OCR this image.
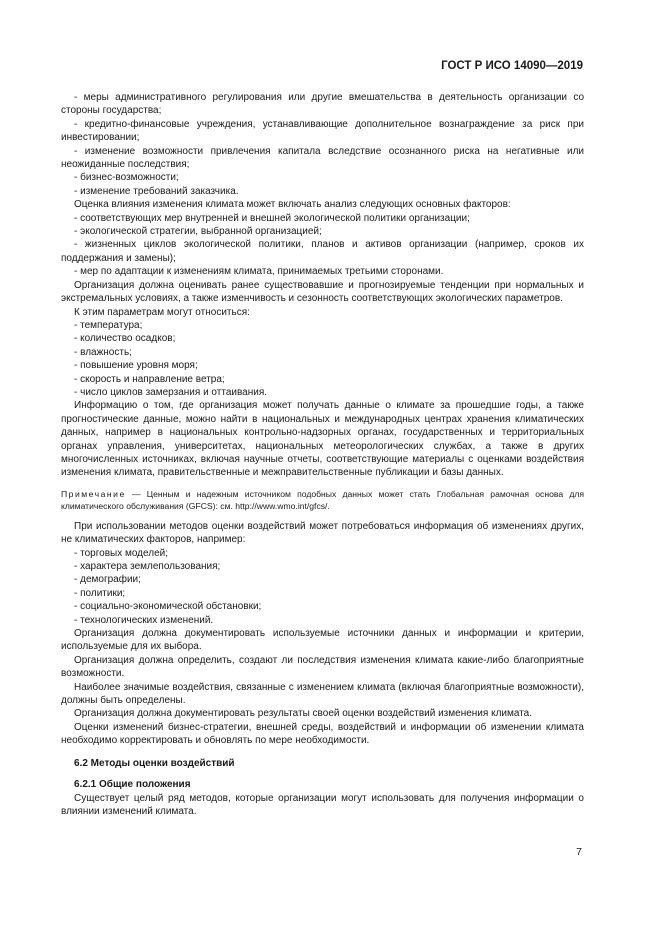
ГОСТ Р ИСО 14090—2019

- меры административного регулирования или другие вмешательства в деятельность организации со стороны государства;

- кредитно-финансовые учреждения, устанавливающие дополнительное вознаграждение за риск при инвестировании;

- изменение возможности привлечения капитала вследствие осознанного риска на негативные или неожиданные последствия;

- бизнес-возможности;

- изменение требований заказчика.

Оценка влияния изменения климата может включать анализ следующих основных факторов:

- соответствующих мер внутренней и внешней экологической политики организации;

- экологической стратегии, выбранной организацией;

- жизненных циклов экологической политики, планов и активов организации (например, сроков их поддержания и замены);

- мер по адаптации к изменениям климата, принимаемых третьими сторонами.

Организация должна оценивать ранее существовавшие и прогнозируемые тенденции при нормальных и экстремальных условиях, а также изменчивость и сезонность соответствующих экологических параметров.

К этим параметрам могут относиться:

- температура;

- количество осадков;

- влажность;

- повышение уровня моря;

- скорость и направление ветра;

- число циклов замерзания и оттаивания.

Информацию о том, где организация может получать данные о климате за прошедшие годы, а также прогностические данные, можно найти в национальных и международных центрах хранения климатических данных, например в национальных контрольно-надзорных органах, государственных и территориальных органах управления, университетах, национальных метеорологических службах, а также в других многочисленных источниках, включая научные отчеты, соответствующие материалы с оценками воздействия изменения климата, правительственные и межправительственные публикации и базы данных.

Примечание — Ценным и надежным источником подобных данных может стать Глобальная рамочная основа для климатического обслуживания (GFCS): см. http://www.wmo.int/gfcs/.

При использовании методов оценки воздействий может потребоваться информация об изменениях других, не климатических факторов, например:

- торговых моделей;

- характера землепользования;

- демографии;

- политики;

- социально-экономической обстановки;

- технологических изменений.

Организация должна документировать используемые источники данных и информации и критерии, используемые для их выбора.

Организация должна определить, создают ли последствия изменения климата какие-либо благоприятные возможности.

Наиболее значимые воздействия, связанные с изменением климата (включая благоприятные возможности), должны быть определены.

Организация должна документировать результаты своей оценки воздействий изменения климата.

Оценки изменений бизнес-стратегии, внешней среды, воздействий и информации об изменении климата необходимо корректировать и обновлять по мере необходимости.

6.2 Методы оценки воздействий

6.2.1 Общие положения

Существует целый ряд методов, которые организации могут использовать для получения информации о влиянии изменений климата.

7
